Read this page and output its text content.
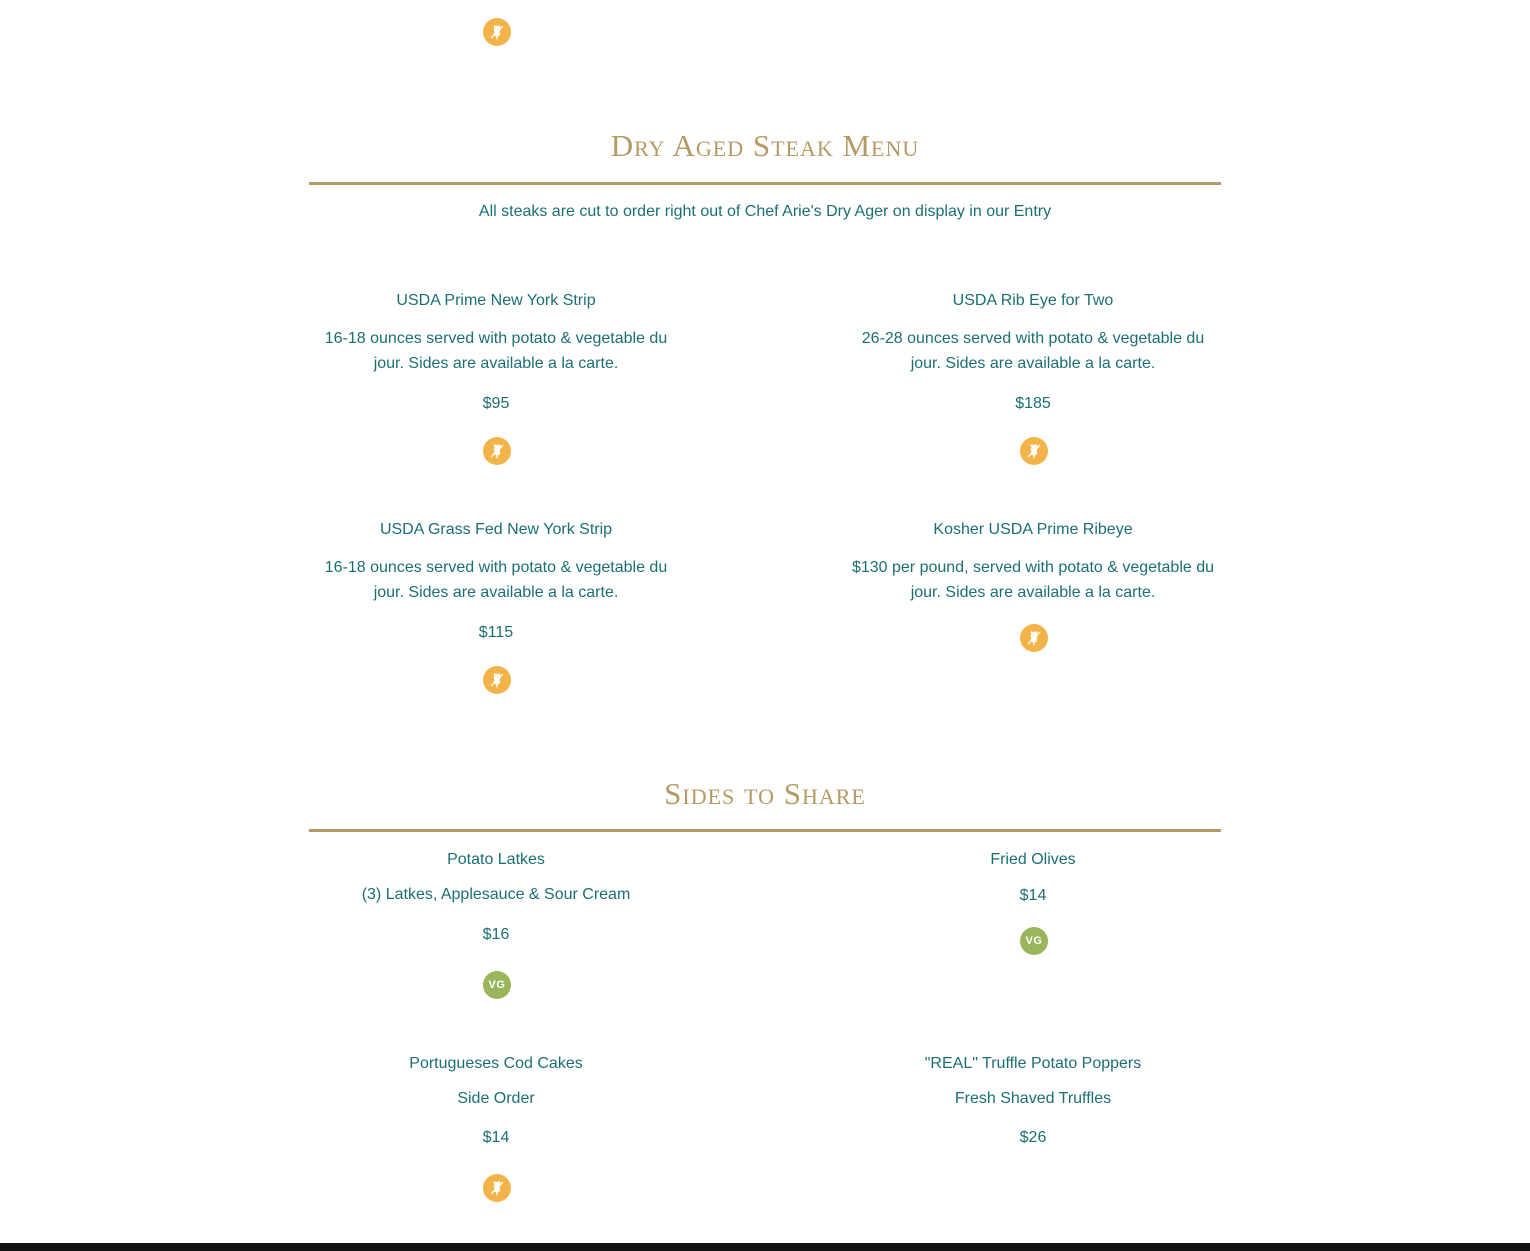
Dry Aged Steak Menu
All steaks are cut to order right out of Chef Arie's Dry Ager on display in our Entry
USDA Prime New York Strip
16-18 ounces served with potato & vegetable du
jour. Sides are available a la carte.
$95
USDA Rib Eye for Two
26-28 ounces served with potato & vegetable du
jour. Sides are available a la carte.
$185
USDA Grass Fed New York Strip
16-18 ounces served with potato & vegetable du
jour. Sides are available a la carte.
$115
Kosher USDA Prime Ribeye
$130 per pound, served with potato & vegetable du
jour. Sides are available a la carte.
Sides to Share
Potato Latkes
(3) Latkes, Applesauce & Sour Cream
$16
VG
Fried Olives
$14
VG
Portugueses Cod Cakes
Side Order
$14
"REAL" Truffle Potato Poppers
Fresh Shaved Truffles
$26
